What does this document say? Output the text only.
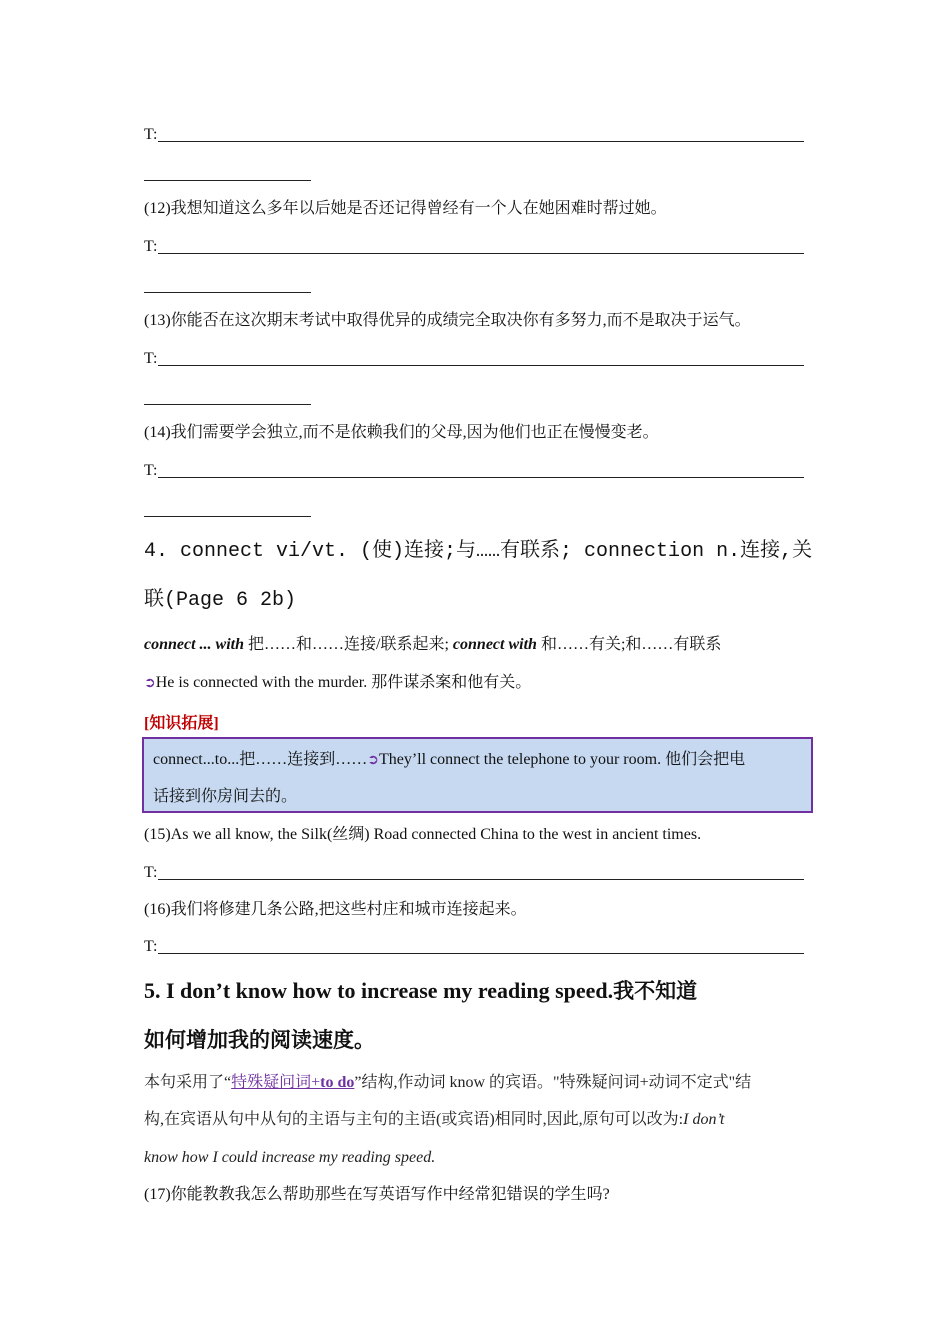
T:
(12)我想知道这么多年以后她是否还记得曾经有一个人在她困难时帮过她。
T:
(13)你能否在这次期末考试中取得优异的成绩完全取决你有多努力,而不是取决于运气。
T:
(14)我们需要学会独立,而不是依赖我们的父母,因为他们也正在慢慢变老。
T:
4. connect vi/vt. (使)连接;与……有联系; connection n.连接,关
联(Page 6 2b)
connect ... with 把……和……连接/联系起来; connect with 和……有关;和……有联系
➲He is connected with the murder. 那件谋杀案和他有关。
[知识拓展]
connect...to...把……连接到……➲They’ll connect the telephone to your room. 他们会把电
话接到你房间去的。
(15)As we all know, the Silk(丝绸) Road connected China to the west in ancient times.
T:
(16)我们将修建几条公路,把这些村庄和城市连接起来。
T:
5. I don’t know how to increase my reading speed.我不知道
如何增加我的阅读速度。
本句采用了“特殊疑问词+to do”结构,作动词 know 的宾语。"特殊疑问词+动词不定式"结
构,在宾语从句中从句的主语与主句的主语(或宾语)相同时,因此,原句可以改为:I don’t
know how I could increase my reading speed.
(17)你能教教我怎么帮助那些在写英语写作中经常犯错误的学生吗?
